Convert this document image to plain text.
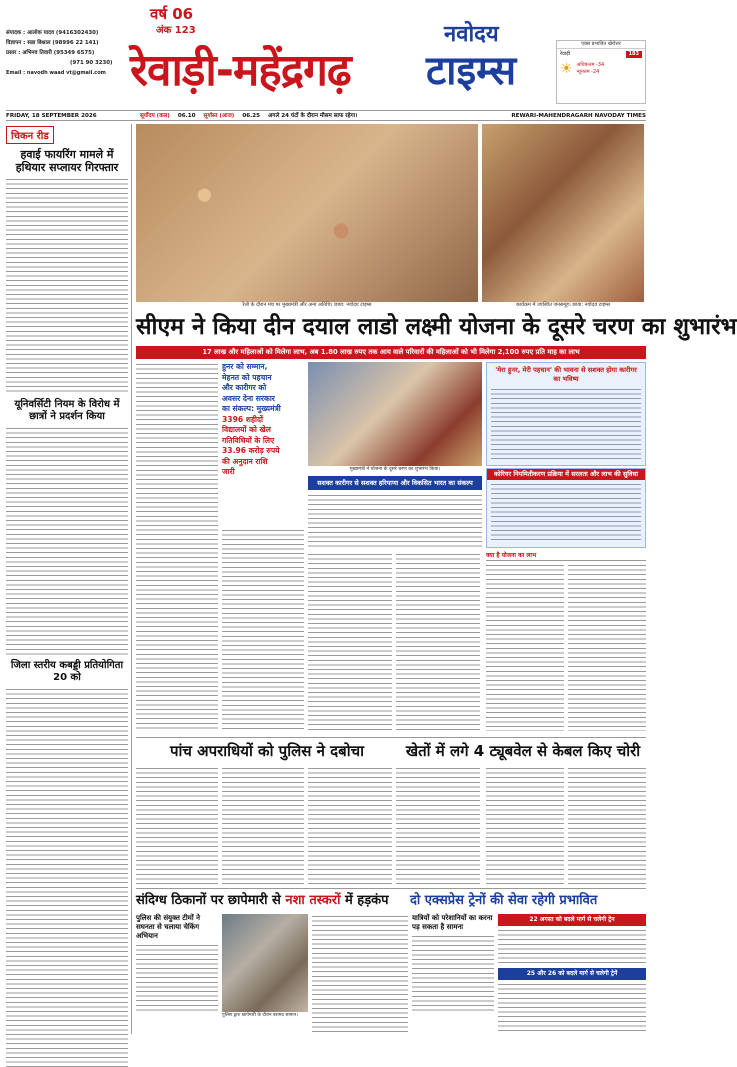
संपादक : आलोक यादव (9416302430)
विज्ञापन : सन्ना बिश्नाल (98996 22 141)
प्रसार : अभिनव तिवारी (95349 6575)
(971 90 3230)
Email : navodh waad vt@gmail.com
वर्ष 06
अंक 123
रेवाड़ी-महेंद्रगढ़
नवोदय
टाइम्स
एक्स प्रभावित खेरोत्तर
रेवाड़ी	183
☀ अधिकतम -34
न्यूनतम -24
FRIDAY, 18 SEPTEMBER 2026	सूर्योदय (कल) 06.10 सूर्यास्त (आज) 06.25 अगले 24 घंटों के दौरान मौसम साफ रहेगा।	REWARI-MAHENDRAGARH NAVODAY TIMES
चिकन रीड
हवाई फायरिंग मामले में हथियार सप्लायर गिरफ्तार
यूनिवर्सिटी नियम के विरोध में छात्रों ने प्रदर्शन किया
जिला स्तरीय कबड्डी प्रतियोगिता 20 को
रैली के दौरान मंच पर मुख्यमंत्री और अन्य अतिथि। छाया: नवोदय टाइम्स	कार्यक्रम में उपस्थित जनसमूह। छाया: नवोदय टाइम्स
सीएम ने किया दीन दयाल लाडो लक्ष्मी योजना के दूसरे चरण का शुभारंभ
17 लाख और महिलाओं को मिलेगा लाभ, अब 1.80 लाख रुपए तक आय वाले परिवारों की महिलाओं को भी मिलेगा 2,100 रुपए प्रति माह का लाभ
हुनर को सम्मान,
मेहनत को पहचान
और कारीगर को
अवसर देना सरकार
का संकल्प: मुख्यमंत्री
3396 शहीदों
विद्यालयों को खेल
गतिविधियों के लिए
33.96 करोड़ रुपये
की अनुदान राशि
जारी	मुख्यमंत्री ने योजना के दूसरे चरण का शुभारंभ किया।
सशक्त कारीगर से सशक्त हरियाणा और विकसित भारत का संकल्प
'मेरा हुनर, मेरी पहचान' की भावना से सशक्त होगा कारीगर का भविष्य
कोरियर नियमितीकरण प्रक्रिया में सरलता और लाभ की सुविधा
क्या है योजना का लाभ
पांच अपराधियों को पुलिस ने दबोचा	खेतों में लगे 4 ट्यूबवेल से केबल किए चोरी
संदिग्ध ठिकानों पर छापेमारी से नशा तस्करों में हड़कंप	दो एक्सप्रेस ट्रेनों की सेवा रहेगी प्रभावित
पुलिस की संयुक्त टीमों ने सघनता से चलाया चेकिंग अभियान
पुलिस द्वारा छापेमारी के दौरान बरामद सामान।
यात्रियों को परेशानियों का करना पड़ सकता है सामना
22 अगस्त को बदले मार्ग से चलेगी ट्रेन
25 और 26 को बदले मार्ग से चलेगी ट्रेनें
